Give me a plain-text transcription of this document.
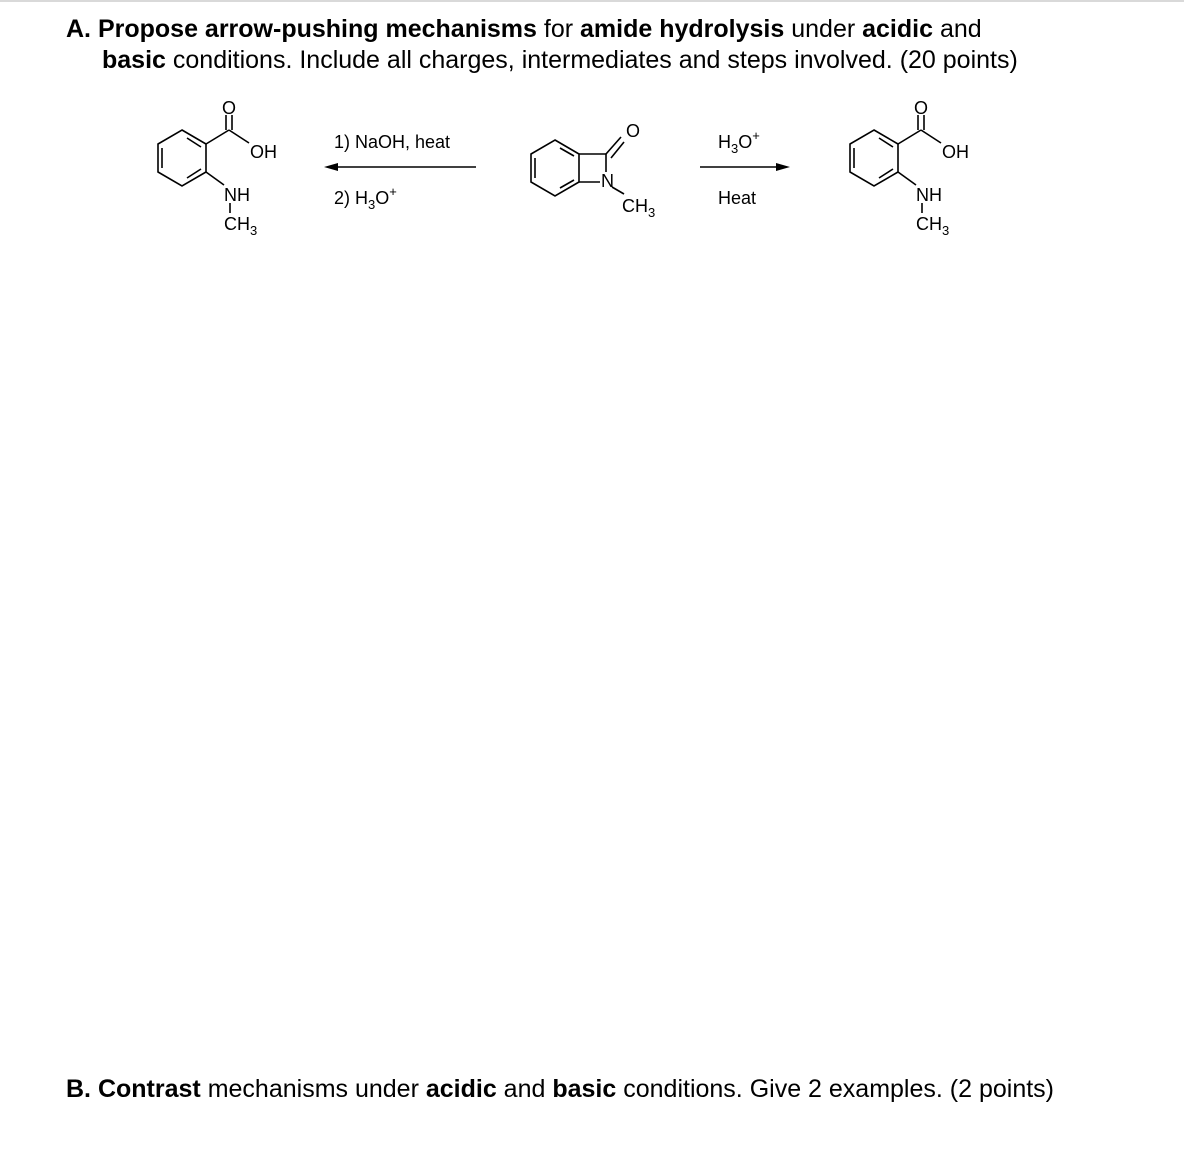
A. Propose arrow-pushing mechanisms for amide hydrolysis under acidic and
basic conditions. Include all charges, intermediates and steps involved. (20 points)
O
OH
NH
$CH_3$
1) NaOH, heat
2) $H_3O^+$
O
N
$CH_3$
$H_3O^+$
Heat
O
OH
NH
$CH_3$
B. Contrast mechanisms under acidic and basic conditions. Give 2 examples. (2 points)
